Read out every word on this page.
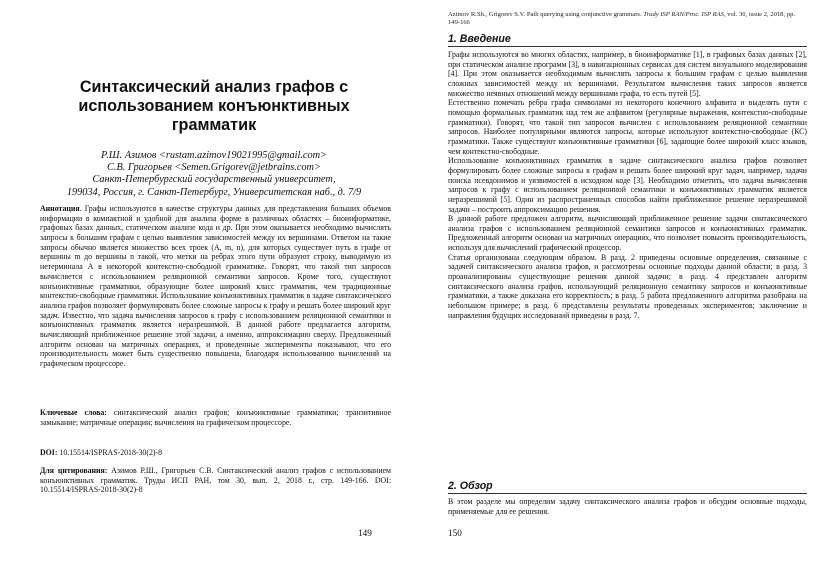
Синтаксический анализ графов с использованием конъюнктивных грамматик
Р.Ш. Азимов <rustam.azimov19021995@gmail.com>
С.В. Григорьев <Semen.Grigorev@jetbrains.com>
Санкт-Петербургский государственный университет,
199034, Россия, г. Санкт-Петербург, Университетская наб., д. 7/9
Аннотация. Графы используются в качестве структуры данных для представления больших объемов информации в компактной и удобной для анализа форме в различных областях – биоинформатике, графовых базах данных, статическом анализе кода и др. При этом оказывается необходимо вычислять запросы к большим графам с целью выявления зависимостей между их вершинами. Ответом на такие запросы обычно является множество всех троек (A, m, n), для которых существует путь в графе от вершины m до вершины n такой, что метки на ребрах этого пути образуют строку, выводимую из нетерминала A в некоторой контекстно-свободной грамматике. Говорят, что такой тип запросов вычисляется с использованием реляционной семантики запросов. Кроме того, существуют конъюнктивные грамматики, образующие более широкий класс грамматик, чем традиционные контекстно-свободные грамматики. Использование конъюнктивных грамматик в задаче синтаксического анализа графов позволяет формулировать более сложные запросы к графу и решать более широкий круг задач. Известно, что задача вычисления запросов к графу с использованием реляционной семантики и конъюнктивных грамматик является неразрешимой. В данной работе предлагается алгоритм, вычисляющий приближенное решение этой задачи, а именно, аппроксимацию сверху. Предложенный алгоритм основан на матричных операциях, и проведенные эксперименты показывают, что его производительность может быть существенно повышена, благодаря использованию вычислений на графическом процессоре.
Ключевые слова: синтаксический анализ графов; конъюнктивные грамматики; транзитивное замыкание; матричные операции; вычисления на графическом процессоре.
DOI: 10.15514/ISPRAS-2018-30(2)-8
Для цитирования: Азимов Р.Ш., Григорьев С.В. Синтаксический анализ графов с использованием конъюнктивных грамматик. Труды ИСП РАН, том 30, вып. 2, 2018 г., стр. 149-166. DOI: 10.15514/ISPRAS-2018-30(2)-8
149
Azimov R.Sh., Grigorev S.V. Path querying using conjunctive grammars. Trudy ISP RAN/Proc. ISP RAS, vol. 30, issue 2, 2018, pp. 149-166
1. Введение

Графы используются во многих областях, например, в биоинформатике [1], в графовых базах данных [2], при статическом анализе программ [3], в навигационных сервисах для систем визуального моделирования [4]. При этом оказывается необходимым вычислять запросы к большим графам с целью выявления сложных зависимостей между их вершинами. Результатом вычисления таких запросов является множество неявных отношений между вершинами графа, то есть путей [5].

Естественно помечать ребра графа символами из некоторого конечного алфавита и выделять пути с помощью формальных грамматик над тем же алфавитом (регулярные выражения, контекстно-свободные грамматики). Говорят, что такой тип запросов вычислен с использованием реляционной семантики запросов. Наиболее популярными являются запросы, которые используют контекстно-свободные (КС) грамматики. Также существуют конъюнктивные грамматики [6], задающие более широкий класс языков, чем контекстно-свободные.

Использование конъюнктивных грамматик в задаче синтаксического анализа графов позволяет формулировать более сложные запросы к графам и решать более широкий круг задач, например, задачи поиска псевдонимов и уязвимостей в исходном коде [3]. Необходимо отметить, что задача вычисления запросов к графу с использованием реляционной семантики и конъюнктивных грамматик является неразрешимой [5]. Один из распространенных способов найти приближенное решение неразрешимой задачи – построить аппроксимацию решения.

В данной работе предложен алгоритм, вычисляющий приближенное решение задачи синтаксического анализа графов с использованием реляционной семантики запросов и конъюнктивных грамматик. Предложенный алгоритм основан на матричных операциях, что позволяет повысить производительность, используя для вычислений графический процессор.

Статья организована следующим образом. В разд. 2 приведены основные определения, связанные с задачей синтаксического анализа графов, и рассмотрены основные подходы данной области; в разд. 3 проанализированы существующие решения данной задачи; в разд. 4 представлен алгоритм синтаксического анализа графов, использующий реляционную семантику запросов и конъюнктивные грамматики, а также доказана его корректность; в разд. 5 работа предложенного алгоритма разобрана на небольшом примере; в разд. 6 представлены результаты проведенных экспериментов; заключение и направления будущих исследований приведены в разд. 7.

2. Обзор

В этом разделе мы определим задачу синтаксического анализа графов и обсудим основные подходы, применяемые для ее решения.

150
